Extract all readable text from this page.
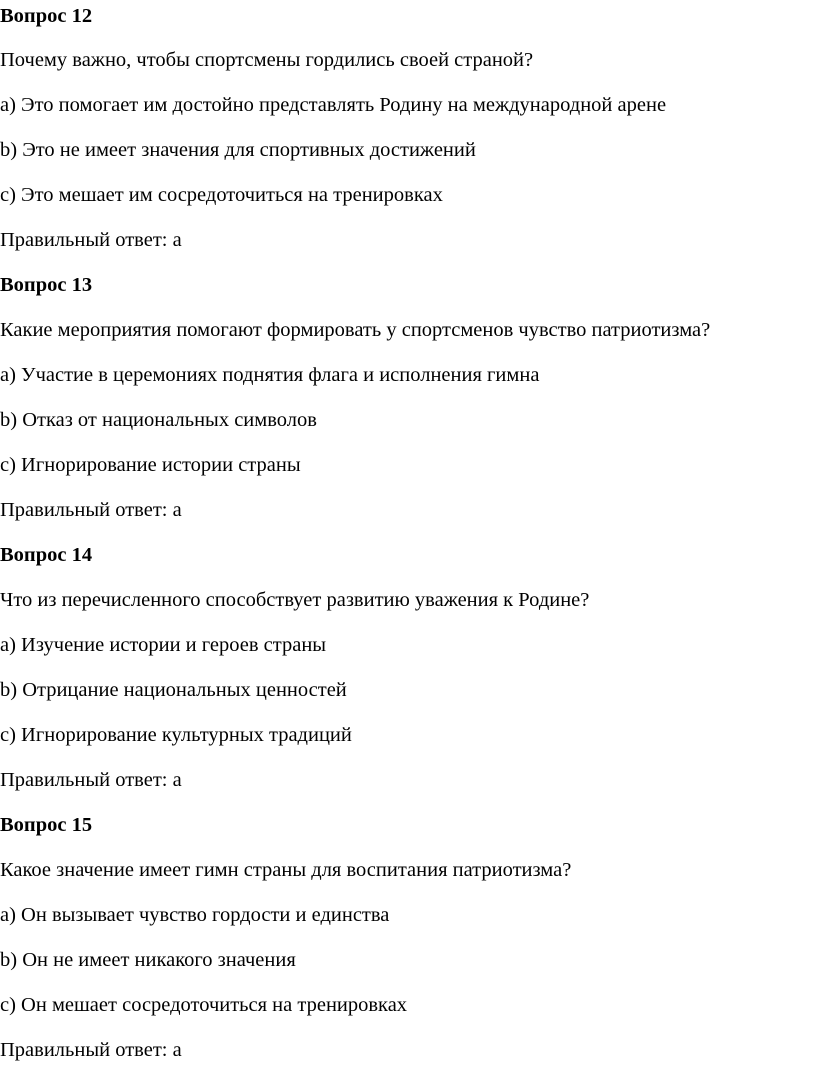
Вопрос 12

Почему важно, чтобы спортсмены гордились своей страной?

a) Это помогает им достойно представлять Родину на международной арене

b) Это не имеет значения для спортивных достижений

c) Это мешает им сосредоточиться на тренировках

Правильный ответ: a

Вопрос 13

Какие мероприятия помогают формировать у спортсменов чувство патриотизма?

a) Участие в церемониях поднятия флага и исполнения гимна

b) Отказ от национальных символов

c) Игнорирование истории страны

Правильный ответ: a

Вопрос 14

Что из перечисленного способствует развитию уважения к Родине?

a) Изучение истории и героев страны

b) Отрицание национальных ценностей

c) Игнорирование культурных традиций

Правильный ответ: a

Вопрос 15

Какое значение имеет гимн страны для воспитания патриотизма?

a) Он вызывает чувство гордости и единства

b) Он не имеет никакого значения

c) Он мешает сосредоточиться на тренировках

Правильный ответ: a
